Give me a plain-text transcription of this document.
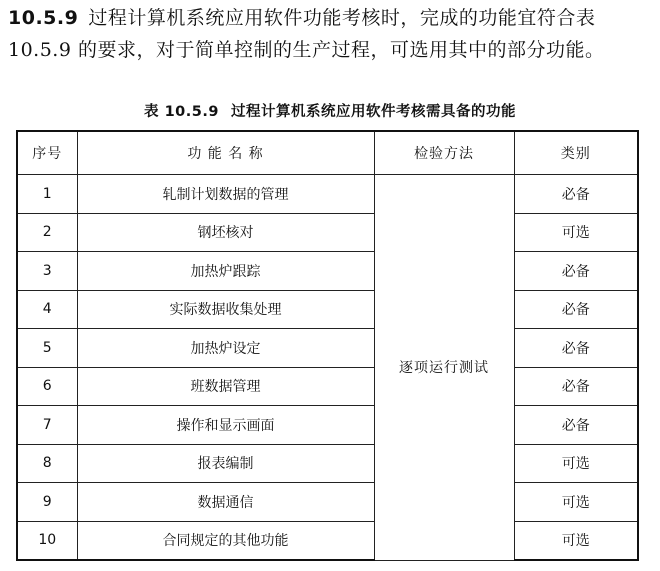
10.5.9 过程计算机系统应用软件功能考核时，完成的功能宜符合表 10.5.9 的要求，对于简单控制的生产过程，可选用其中的部分功能。
表 10.5.9 过程计算机系统应用软件考核需具备的功能
序号	功 能 名 称	检验方法	类别
1	轧制计划数据的管理	逐项运行测试	必备
2	钢坯核对		可选
3	加热炉跟踪		必备
4	实际数据收集处理		必备
5	加热炉设定		必备
6	班数据管理		必备
7	操作和显示画面		必备
8	报表编制		可选
9	数据通信		可选
10	合同规定的其他功能		可选
